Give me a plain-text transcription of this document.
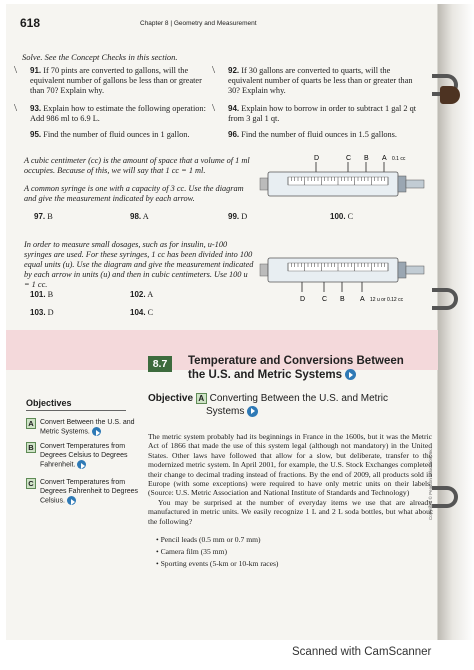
618	Chapter 8 | Geometry and Measurement
Solve. See the Concept Checks in this section.
\ 91. If 70 pints are converted to gallons, will the equivalent number of gallons be less than or greater than 70? Explain why.
\ 92. If 30 gallons are converted to quarts, will the equivalent number of quarts be less than or greater than 30? Explain why.
\ 93. Explain how to estimate the following operation: Add 986 ml to 6.9 L.
\ 94. Explain how to borrow in order to subtract 1 gal 2 qt from 3 gal 1 qt.
95. Find the number of fluid ounces in 1 gallon.	96. Find the number of fluid ounces in 1.5 gallons.
A cubic centimeter (cc) is the amount of space that a volume of 1 ml occupies. Because of this, we will say that 1 cc = 1 ml.
A common syringe is one with a capacity of 3 cc. Use the diagram and give the measurement indicated by each arrow.
D	C B A 0.1 cc
97. B	98. A	99. D	100. C
In order to measure small dosages, such as for insulin, u-100 syringes are used. For these syringes, 1 cc has been divided into 100 equal units (u). Use the diagram and give the measurement indicated by each arrow in units (u) and then in cubic centimeters. Use 100 u = 1 cc.
D C B A 12 u or 0.12 cc
101. B	102. A
103. D	104. C
8.7	Temperature and Conversions Between
the U.S. and Metric Systems
Objectives
A Convert Between the U.S. and Metric Systems.
B Convert Temperatures from Degrees Celsius to Degrees Fahrenheit.
C Convert Temperatures from Degrees Fahrenheit to Degrees Celsius.
Objective A Converting Between the U.S. and Metric
Systems

The metric system probably had its beginnings in France in the 1600s, but it was the Metric Act of 1866 that made the use of this system legal (although not mandatory) in the United States. Other laws have followed that allow for a slow, but deliberate, transfer to the modernized metric system. In April 2001, for example, the U.S. Stock Exchanges completed their change to decimal trading instead of fractions. By the end of 2009, all products sold in Europe (with some exceptions) were required to have only metric units on their labels. (Source: U.S. Metric Association and National Institute of Standards and Technology)

You may be surprised at the number of everyday items we use that are already manufactured in metric units. We easily recognize 1 L and 2 L soda bottles, but what about the following?

• Pencil leads (0.5 mm or 0.7 mm)
• Camera film (35 mm)
• Sporting events (5-km or 10-km races)
Copyright © Pearson Education, Inc.
Scanned with CamScanner
